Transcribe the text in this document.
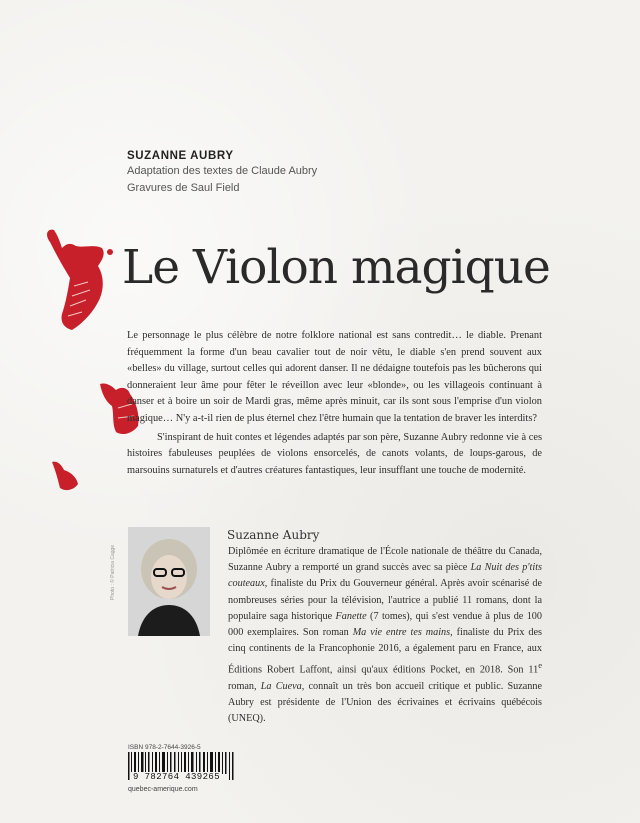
SUZANNE AUBRY
Adaptation des textes de Claude Aubry
Gravures de Saul Field
Le Violon magique

Le personnage le plus célèbre de notre folklore national est sans contredit… le diable. Prenant fréquemment la forme d'un beau cavalier tout de noir vêtu, le diable s'en prend souvent aux «belles» du village, surtout celles qui adorent danser. Il ne dédaigne toutefois pas les bûcherons qui donneraient leur âme pour fêter le réveillon avec leur «blonde», ou les villageois continuant à danser et à boire un soir de Mardi gras, même après minuit, car ils sont sous l'emprise d'un violon magique… N'y a-t-il rien de plus éternel chez l'être humain que la tentation de braver les interdits?

S'inspirant de huit contes et légendes adaptés par son père, Suzanne Aubry redonne vie à ces histoires fabuleuses peuplées de violons ensorcelés, de canots volants, de loups-garous, de marsouins surnaturels et d'autres créatures fantastiques, leur insufflant une touche de modernité.

Photo : © Patricia Cagge
Suzanne Aubry
Diplômée en écriture dramatique de l'École nationale de théâtre du Canada, Suzanne Aubry a remporté un grand succès avec sa pièce La Nuit des p'tits couteaux, finaliste du Prix du Gouverneur général. Après avoir scénarisé de nombreuses séries pour la télévision, l'autrice a publié 11 romans, dont la populaire saga historique Fanette (7 tomes), qui s'est vendue à plus de 100 000 exemplaires. Son roman Ma vie entre tes mains, finaliste du Prix des cinq continents de la Francophonie 2016, a également paru en France, aux Éditions Robert Laffont, ainsi qu'aux éditions Pocket, en 2018. Son 11e roman, La Cueva, connaît un très bon accueil critique et public. Suzanne Aubry est présidente de l'Union des écrivaines et écrivains québécois (UNEQ).
ISBN 978-2-7644-3926-5
9 782764 439265
quebec-amerique.com
